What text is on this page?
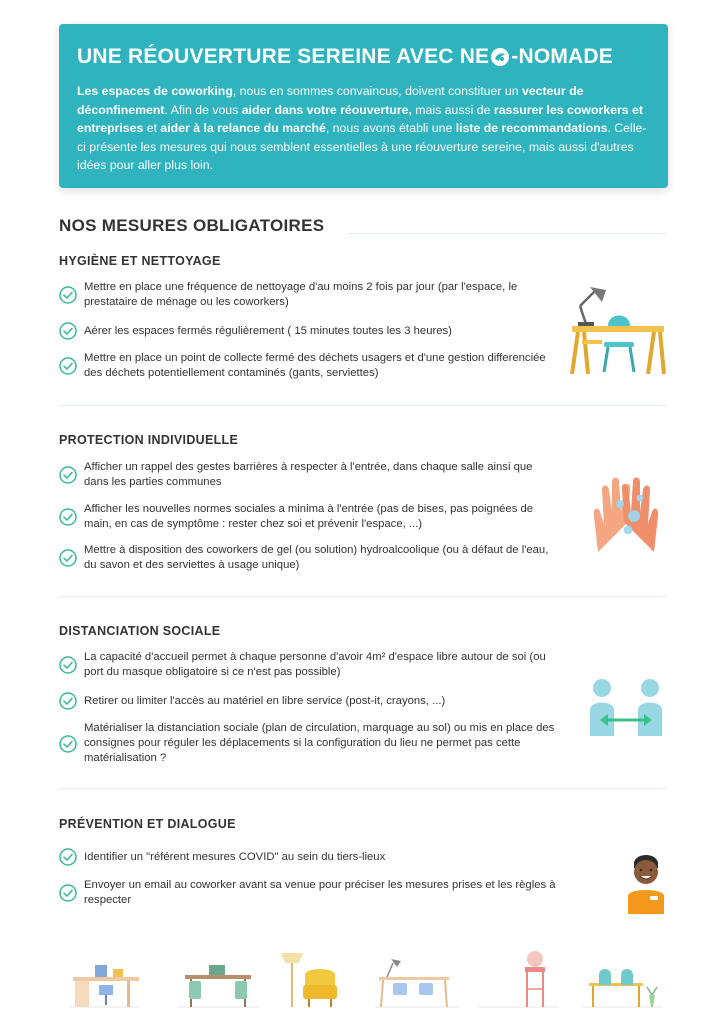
UNE RÉOUVERTURE SEREINE AVEC NE -NOMADE

Les espaces de coworking, nous en sommes convaincus, doivent constituer un vecteur de déconfinement. Afin de vous aider dans votre réouverture, mais aussi de rassurer les coworkers et entreprises et aider à la relance du marché, nous avons établi une liste de recommandations. Celle-ci présente les mesures qui nous semblent essentielles à une réouverture sereine, mais aussi d'autres idées pour aller plus loin.

NOS MESURES OBLIGATOIRES
HYGIÈNE ET NETTOYAGE
Mettre en place une fréquence de nettoyage d'au moins 2 fois par jour (par l'espace, le prestataire de ménage ou les coworkers)
Aérer les espaces fermés régulièrement ( 15 minutes toutes les 3 heures)
Mettre en place un point de collecte fermé des déchets usagers et d'une gestion differenciée des déchets potentiellement contaminés (gants, serviettes)
PROTECTION INDIVIDUELLE
Afficher un rappel des gestes barrières à respecter à l'entrée, dans chaque salle ainsi que dans les parties communes
Afficher les nouvelles normes sociales a minima à l'entrée (pas de bises, pas poignées de main, en cas de symptôme : rester chez soi et prévenir l'espace, ...)
Mettre à disposition des coworkers de gel (ou solution) hydroalcoolique (ou à défaut de l'eau, du savon et des serviettes à usage unique)
DISTANCIATION SOCIALE
La capacité d'accueil permet à chaque personne d'avoir 4m² d'espace libre autour de soi (ou port du masque obligatoire si ce n'est pas possible)
Retirer ou limiter l'accès au matériel en libre service (post-it, crayons, ...)
Matérialiser la distanciation sociale (plan de circulation, marquage au sol) ou mis en place des consignes pour réguler les déplacements si la configuration du lieu ne permet pas cette matérialisation ?
PRÉVENTION ET DIALOGUE
Identifier un "référent mesures COVID" au sein du tiers-lieux
Envoyer un email au coworker avant sa venue pour préciser les mesures prises et les règles à respecter
